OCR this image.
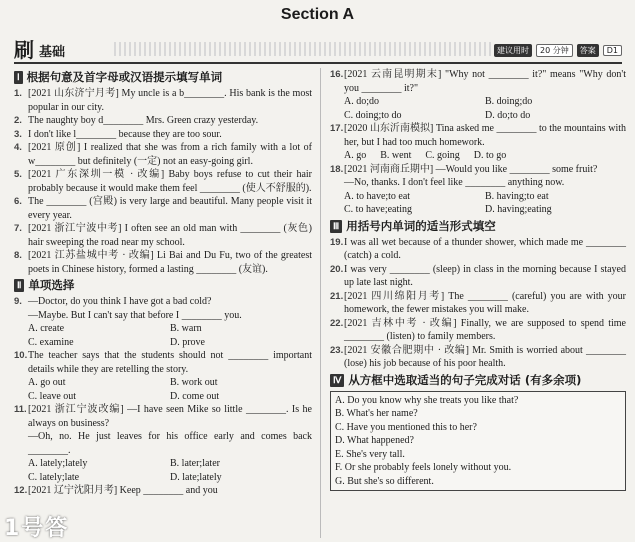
Section A
刷 基础	建议用时	20 分钟	答案	D1
Ⅰ 根据句意及首字母或汉语提示填写单词
1. [2021 山东济宁月考] My uncle is a b________. His bank is the most popular in our city.
2. The naughty boy d________ Mrs. Green crazy yesterday.
3. I don't like l________ because they are too sour.
4. [2021 原创] I realized that she was from a rich family with a lot of w________ but definitely (一定) not an easy-going girl.
5. [2021 广东深圳一模 · 改编] Baby boys refuse to cut their hair probably because it would make them feel ________ (使人不舒服的).
6. The ________ (宫殿) is very large and beautiful. Many people visit it every year.
7. [2021 浙江宁波中考] I often see an old man with ________ (灰色) hair sweeping the road near my school.
8. [2021 江苏盐城中考 · 改编] Li Bai and Du Fu, two of the greatest poets in Chinese history, formed a lasting ________ (友谊).
Ⅱ 单项选择
9. —Doctor, do you think I have got a bad cold?
—Maybe. But I can't say that before I ________ you.
A. create	B. warn
C. examine	D. prove
10. The teacher says that the students should not ________ important details while they are retelling the story.
A. go out	B. work out
C. leave out	D. come out
11. [2021 浙江宁波改编] —I have seen Mike so little ________. Is he always on business?
—Oh, no. He just leaves for his office early and comes back ________.
A. lately;lately	B. later;later
C. lately;late	D. late;lately
12. [2021 辽宁沈阳月考] Keep ________ and you
16. [2021 云南昆明期末] "Why not ________ it?" means "Why don't you ________ it?"
A. do;do	B. doing;do
C. doing;to do	D. do;to do
17. [2020 山东沂南模拟] Tina asked me ________ to the mountains with her, but I had too much homework.
A. go B. went C. going D. to go
18. [2021 河南商丘期中] —Would you like ________ some fruit?
—No, thanks. I don't feel like ________ anything now.
A. to have;to eat	B. having;to eat
C. to have;eating	D. having;eating
Ⅲ 用括号内单词的适当形式填空
19. I was all wet because of a thunder shower, which made me ________ (catch) a cold.
20. I was very ________ (sleep) in class in the morning because I stayed up late last night.
21. [2021 四川绵阳月考] The ________ (careful) you are with your homework, the fewer mistakes you will make.
22. [2021 吉林中考 · 改编] Finally, we are supposed to spend time ________ (listen) to family members.
23. [2021 安徽合肥期中 · 改编] Mr. Smith is worried about ________ (lose) his job because of his poor health.
Ⅳ 从方框中选取适当的句子完成对话 (有多余项)
A. Do you know why she treats you like that?
B. What's her name?
C. Have you mentioned this to her?
D. What happened?
E. She's very tall.
F. Or she probably feels lonely without you.
G. But she's so different.
1号答
